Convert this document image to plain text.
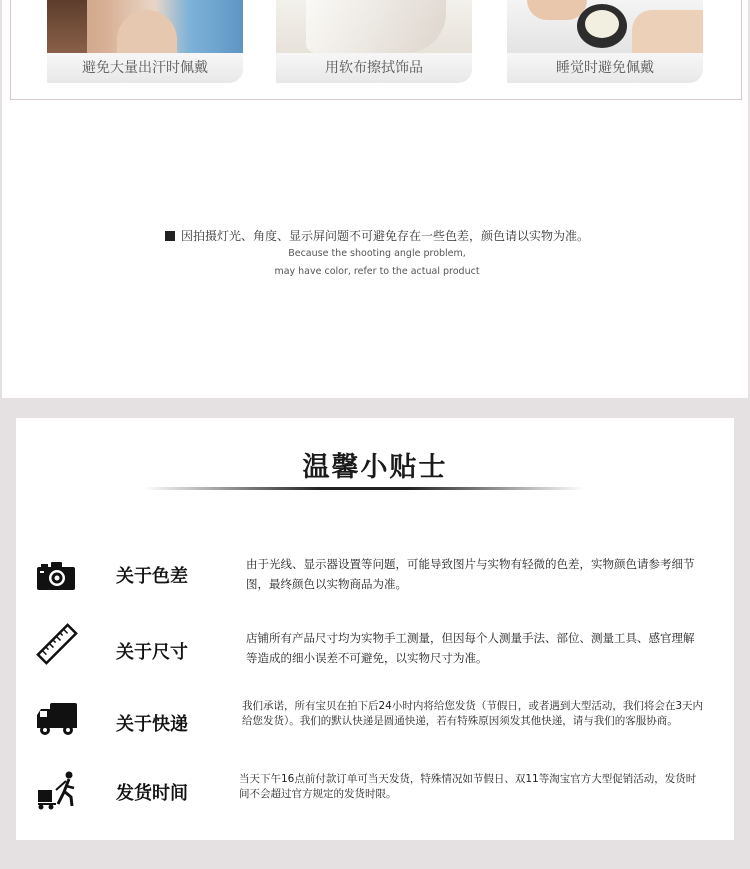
避免大量出汗时佩戴	用软布擦拭饰品	睡觉时避免佩戴
因拍摄灯光、角度、显示屏问题不可避免存在一些色差，颜色请以实物为准。
Because the shooting angle problem,
may have color, refer to the actual product
温馨小贴士
关于色差
由于光线、显示器设置等问题，可能导致图片与实物有轻微的色差，实物颜色请参考细节图，最终颜色以实物商品为准。
关于尺寸
店铺所有产品尺寸均为实物手工测量，但因每个人测量手法、部位、测量工具、感官理解等造成的细小误差不可避免，以实物尺寸为准。
关于快递
我们承诺，所有宝贝在拍下后24小时内将给您发货（节假日，或者遇到大型活动，我们将会在3天内给您发货）。我们的默认快递是圆通快递，若有特殊原因须发其他快递，请与我们的客服协商。
发货时间
当天下午16点前付款订单可当天发货，特殊情况如节假日、双11等淘宝官方大型促销活动，发货时间不会超过官方规定的发货时限。
